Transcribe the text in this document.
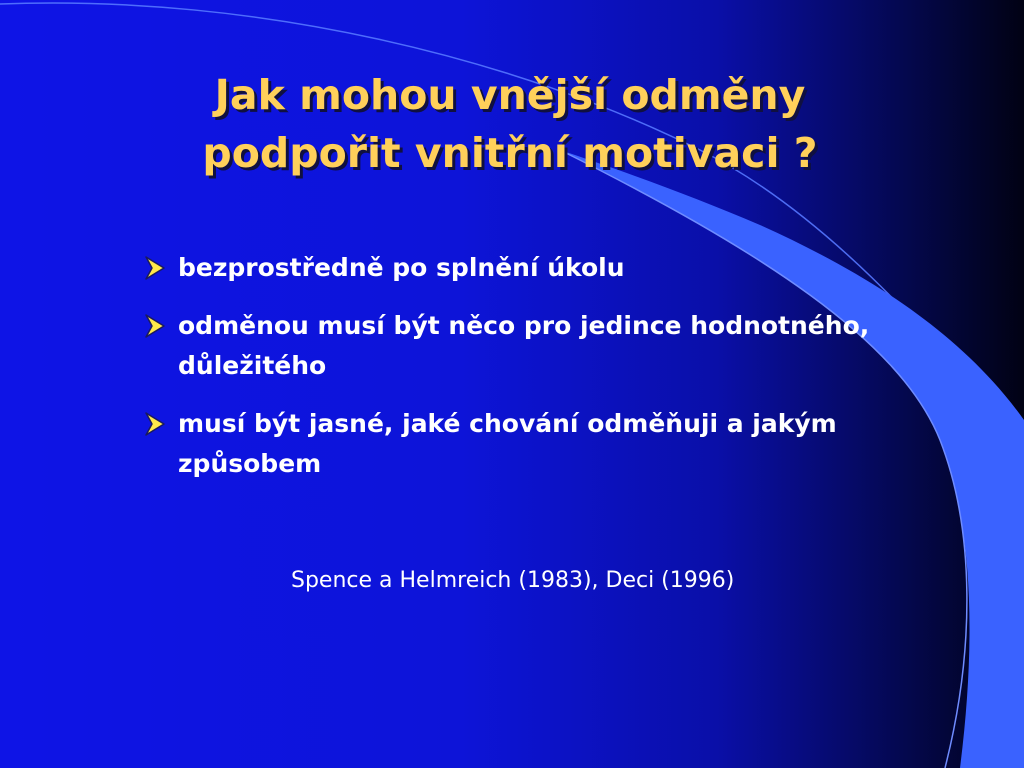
Jak mohou vnější odměny
podpořit vnitřní motivaci ?
bezprostředně po splnění úkolu
odměnou musí být něco pro jedince hodnotného, důležitého
musí být jasné, jaké chování odměňuji a jakým způsobem

Spence a Helmreich (1983), Deci (1996)
